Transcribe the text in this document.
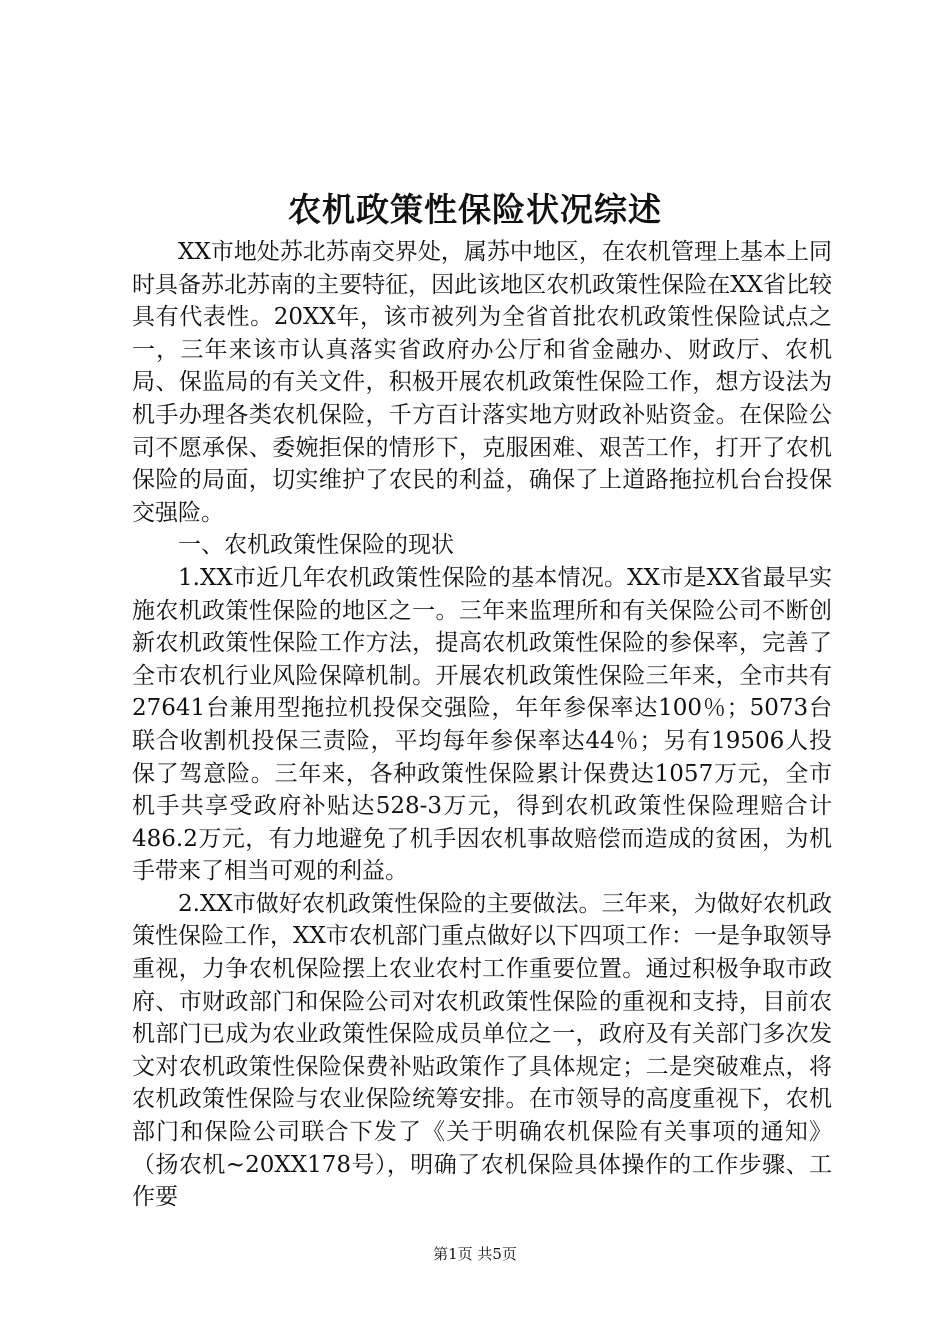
农机政策性保险状况综述

XX市地处苏北苏南交界处，属苏中地区，在农机管理上基本上同时具备苏北苏南的主要特征，因此该地区农机政策性保险在XX省比较具有代表性。20XX年，该市被列为全省首批农机政策性保险试点之一，三年来该市认真落实省政府办公厅和省金融办、财政厅、农机局、保监局的有关文件，积极开展农机政策性保险工作，想方设法为机手办理各类农机保险，千方百计落实地方财政补贴资金。在保险公司不愿承保、委婉拒保的情形下，克服困难、艰苦工作，打开了农机保险的局面，切实维护了农民的利益，确保了上道路拖拉机台台投保交强险。

一、农机政策性保险的现状

1.XX市近几年农机政策性保险的基本情况。XX市是XX省最早实施农机政策性保险的地区之一。三年来监理所和有关保险公司不断创新农机政策性保险工作方法，提高农机政策性保险的参保率，完善了全市农机行业风险保障机制。开展农机政策性保险三年来，全市共有27641台兼用型拖拉机投保交强险，年年参保率达100％；5073台联合收割机投保三责险，平均每年参保率达44％；另有19506人投保了驾意险。三年来，各种政策性保险累计保费达1057万元，全市机手共享受政府补贴达528-3万元，得到农机政策性保险理赔合计486.2万元，有力地避免了机手因农机事故赔偿而造成的贫困，为机手带来了相当可观的利益。

2.XX市做好农机政策性保险的主要做法。三年来，为做好农机政策性保险工作，XX市农机部门重点做好以下四项工作：一是争取领导重视，力争农机保险摆上农业农村工作重要位置。通过积极争取市政府、市财政部门和保险公司对农机政策性保险的重视和支持，目前农机部门已成为农业政策性保险成员单位之一，政府及有关部门多次发文对农机政策性保险保费补贴政策作了具体规定；二是突破难点，将农机政策性保险与农业保险统筹安排。在市领导的高度重视下，农机部门和保险公司联合下发了《关于明确农机保险有关事项的通知》（扬农机~20XX178号），明确了农机保险具体操作的工作步骤、工作要

第1页 共5页
